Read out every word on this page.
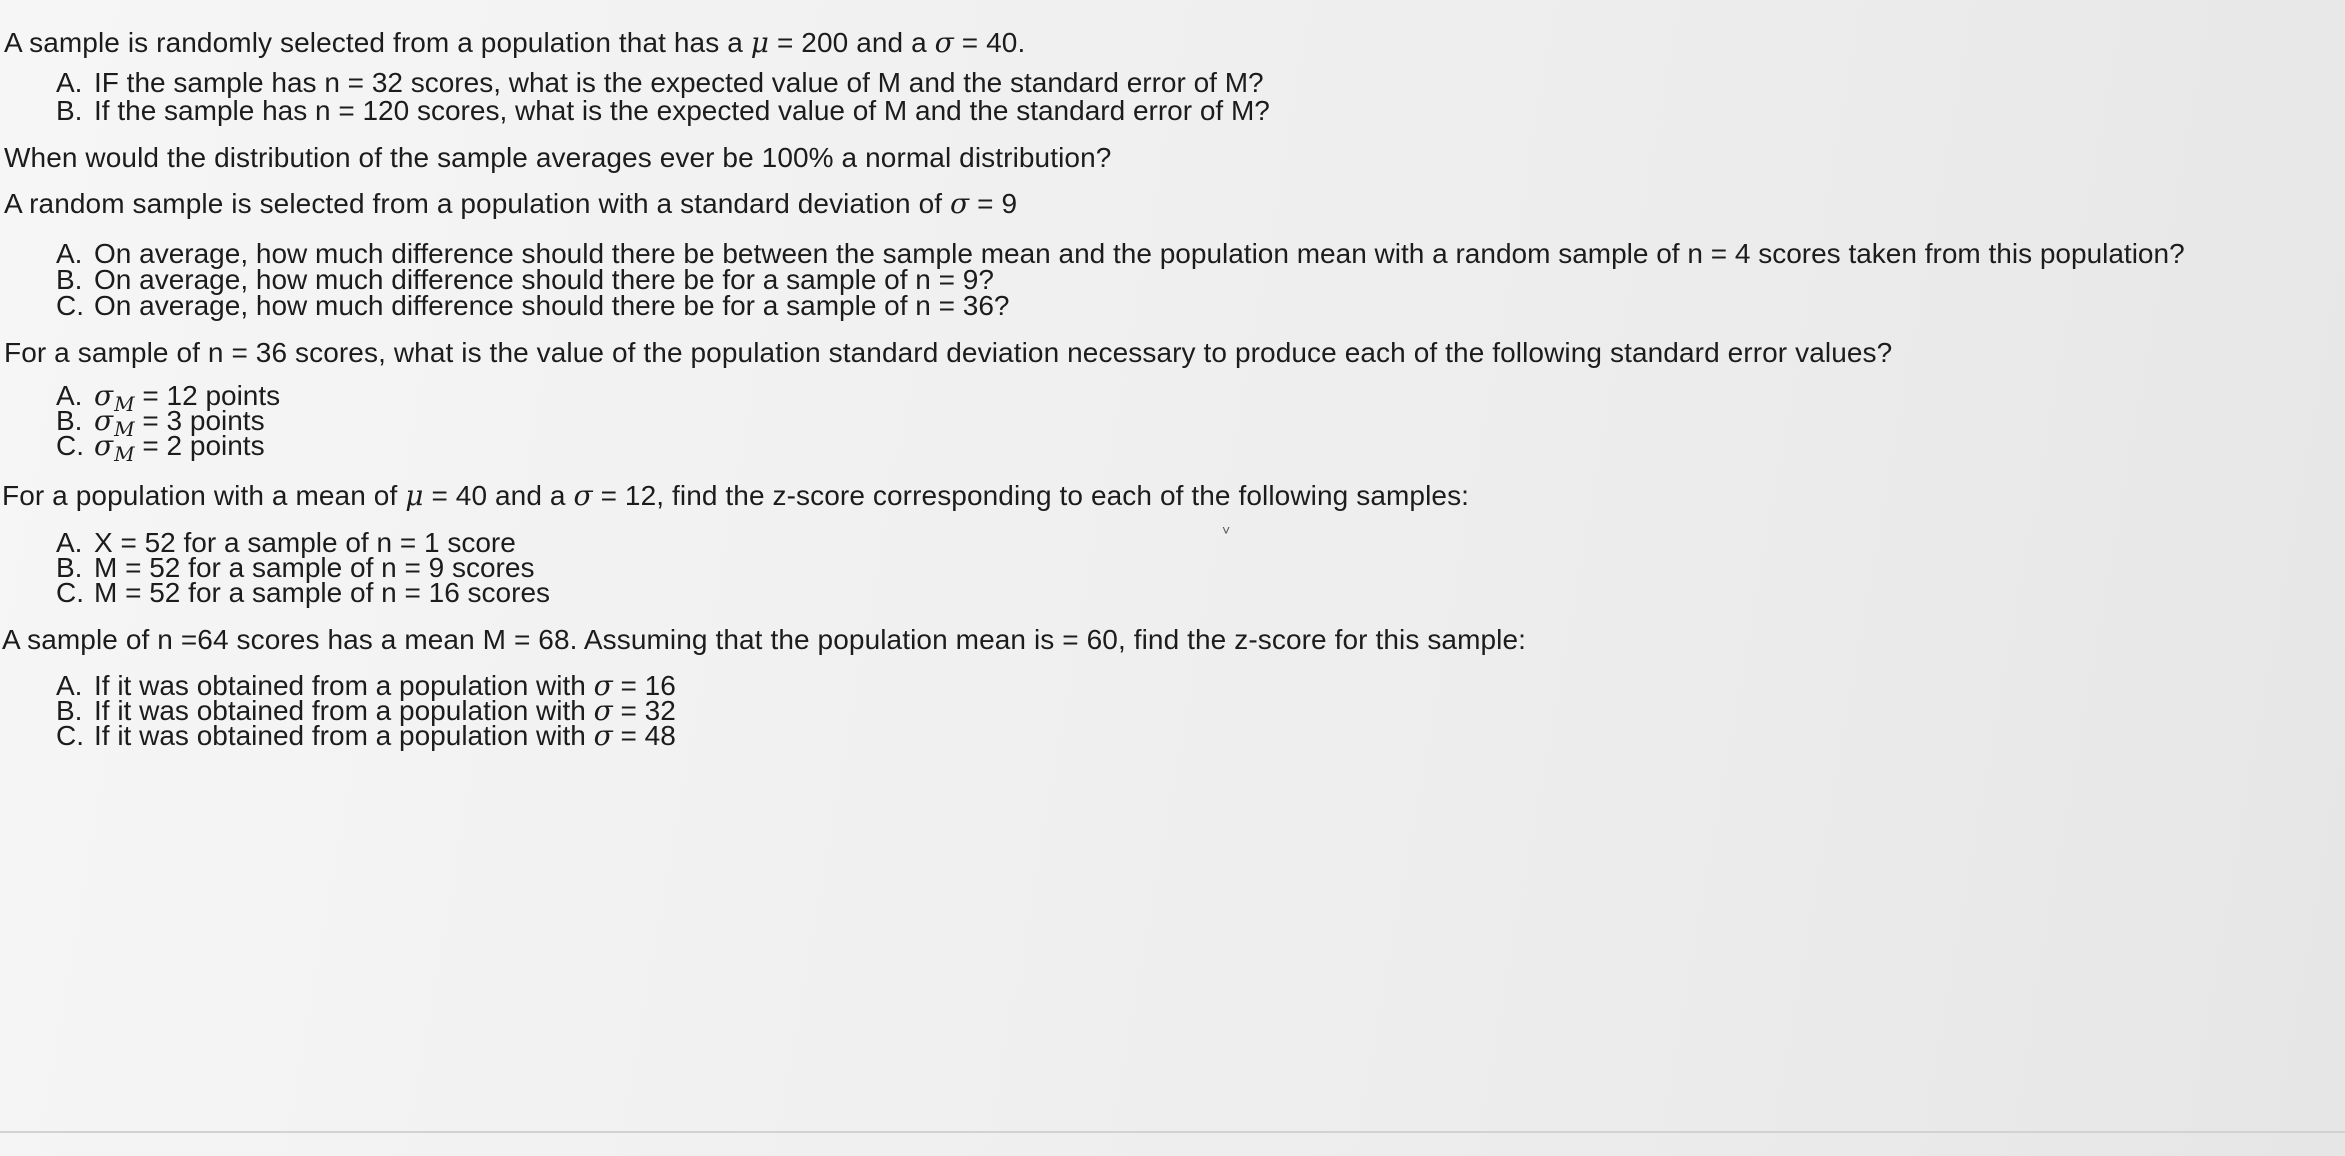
A sample is randomly selected from a population that has a μ = 200 and a σ = 40.
A. IF the sample has n = 32 scores, what is the expected value of M and the standard error of M?
B. If the sample has n = 120 scores, what is the expected value of M and the standard error of M?
When would the distribution of the sample averages ever be 100% a normal distribution?
A random sample is selected from a population with a standard deviation of σ = 9
A. On average, how much difference should there be between the sample mean and the population mean with a random sample of n = 4 scores taken from this population?
B. On average, how much difference should there be for a sample of n = 9?
C. On average, how much difference should there be for a sample of n = 36?
For a sample of n = 36 scores, what is the value of the population standard deviation necessary to produce each of the following standard error values?
A. $\sigma_M = 12$ points
B. $\sigma_M = 3$ points
C. $\sigma_M = 2$ points
For a population with a mean of μ = 40 and a σ = 12, find the z-score corresponding to each of the following samples:
A. X = 52 for a sample of n = 1 score
B. M = 52 for a sample of n = 9 scores
C. M = 52 for a sample of n = 16 scores
˅
A sample of n =64 scores has a mean M = 68. Assuming that the population mean is = 60, find the z-score for this sample:
A. If it was obtained from a population with σ = 16
B. If it was obtained from a population with σ = 32
C. If it was obtained from a population with σ = 48
